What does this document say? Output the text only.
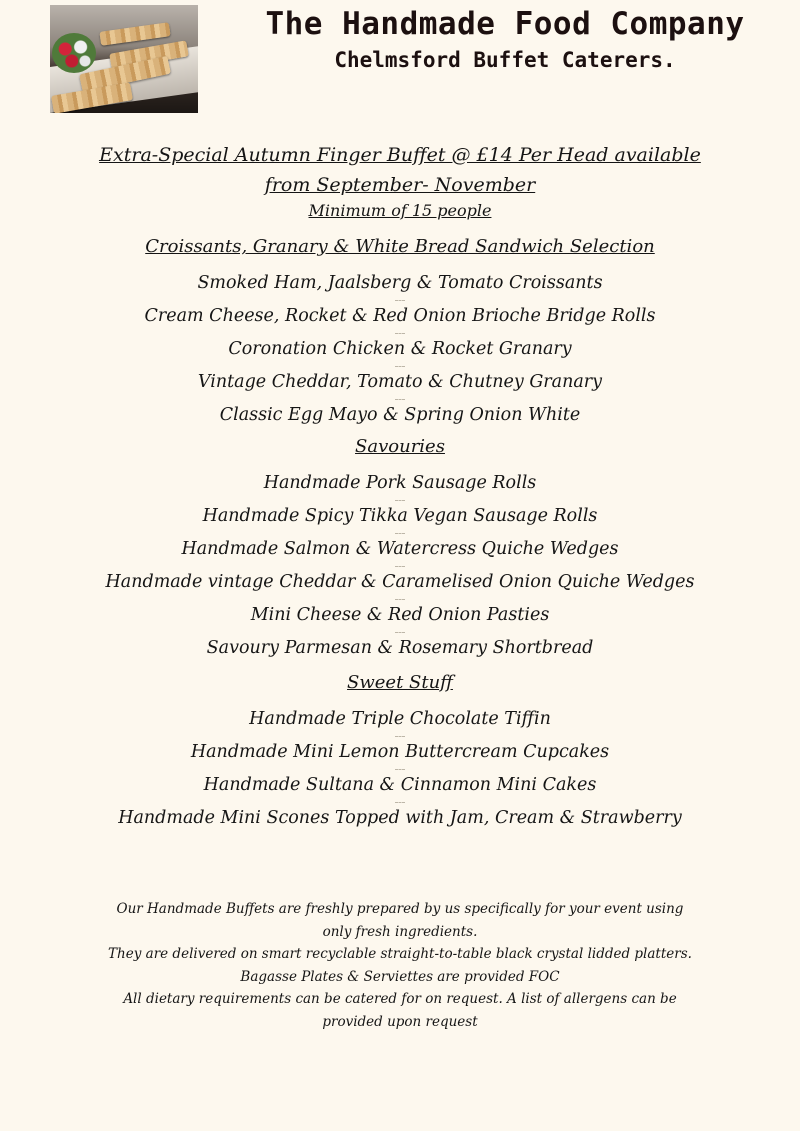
The Handmade Food Company
Chelmsford Buffet Caterers.
Extra-Special Autumn Finger Buffet @ £14 Per Head available
from September- November
Minimum of 15 people
Croissants, Granary & White Bread Sandwich Selection
Smoked Ham, Jaalsberg & Tomato Croissants
Cream Cheese, Rocket & Red Onion Brioche Bridge Rolls
Coronation Chicken & Rocket Granary
Vintage Cheddar, Tomato & Chutney Granary
Classic Egg Mayo & Spring Onion White
Savouries
Handmade Pork Sausage Rolls
Handmade Spicy Tikka Vegan Sausage Rolls
Handmade Salmon & Watercress Quiche Wedges
Handmade vintage Cheddar & Caramelised Onion Quiche Wedges
Mini Cheese & Red Onion Pasties
Savoury Parmesan & Rosemary Shortbread
Sweet Stuff
Handmade Triple Chocolate Tiffin
Handmade Mini Lemon Buttercream Cupcakes
Handmade Sultana & Cinnamon Mini Cakes
Handmade Mini Scones Topped with Jam, Cream & Strawberry

Our Handmade Buffets are freshly prepared by us specifically for your event using

only fresh ingredients.

They are delivered on smart recyclable straight-to-table black crystal lidded platters.

Bagasse Plates & Serviettes are provided FOC

All dietary requirements can be catered for on request. A list of allergens can be

provided upon request
